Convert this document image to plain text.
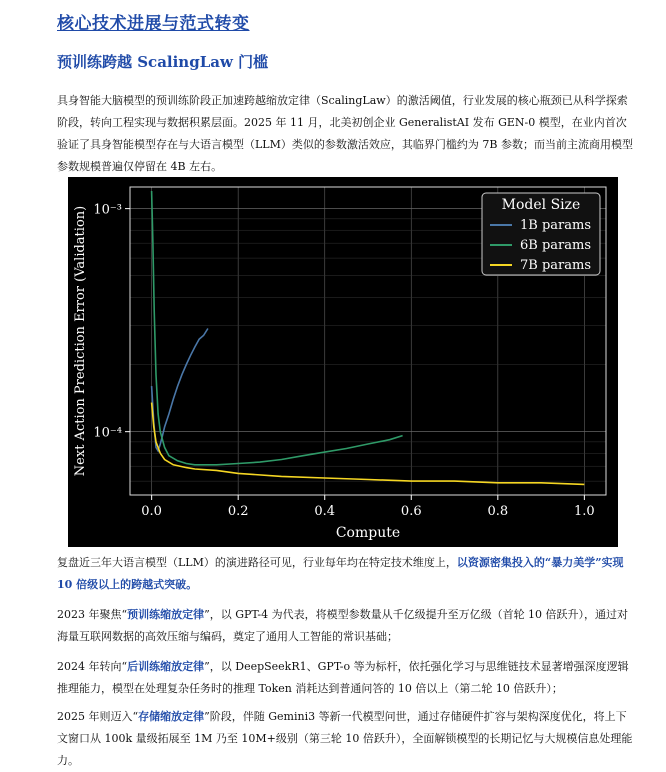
核心技术进展与范式转变
预训练跨越 ScalingLaw 门槛

具身智能大脑模型的预训练阶段正加速跨越缩放定律（ScalingLaw）的激活阈值，行业发展的核心瓶颈已从科学探索阶段，转向工程实现与数据积累层面。2025 年 11 月，北美初创企业 GeneralistAI 发布 GEN-0 模型，在业内首次验证了具身智能模型存在与大语言模型（LLM）类似的参数激活效应，其临界门槛约为 7B 参数；而当前主流商用模型参数规模普遍仅停留在 4B 左右。

0.0	0.2	0.4	0.6	0.8	1.0
10⁻³
10⁻⁴
Compute
Next Action Prediction Error (Validation)
Model Size
1B params
6B params
7B params

复盘近三年大语言模型（LLM）的演进路径可见，行业每年均在特定技术维度上，以资源密集投入的“暴力美学”实现 10 倍级以上的跨越式突破。

2023 年聚焦“预训练缩放定律”，以 GPT-4 为代表，将模型参数量从千亿级提升至万亿级（首轮 10 倍跃升），通过对海量互联网数据的高效压缩与编码，奠定了通用人工智能的常识基础；

2024 年转向“后训练缩放定律”，以 DeepSeekR1、GPT-o 等为标杆，依托强化学习与思维链技术显著增强深度逻辑推理能力，模型在处理复杂任务时的推理 Token 消耗达到普通问答的 10 倍以上（第二轮 10 倍跃升）；

2025 年则迈入“存储缩放定律”阶段，伴随 Gemini3 等新一代模型问世，通过存储硬件扩容与架构深度优化，将上下文窗口从 100k 量级拓展至 1M 乃至 10M+级别（第三轮 10 倍跃升），全面解锁模型的长期记忆与大规模信息处理能力。
